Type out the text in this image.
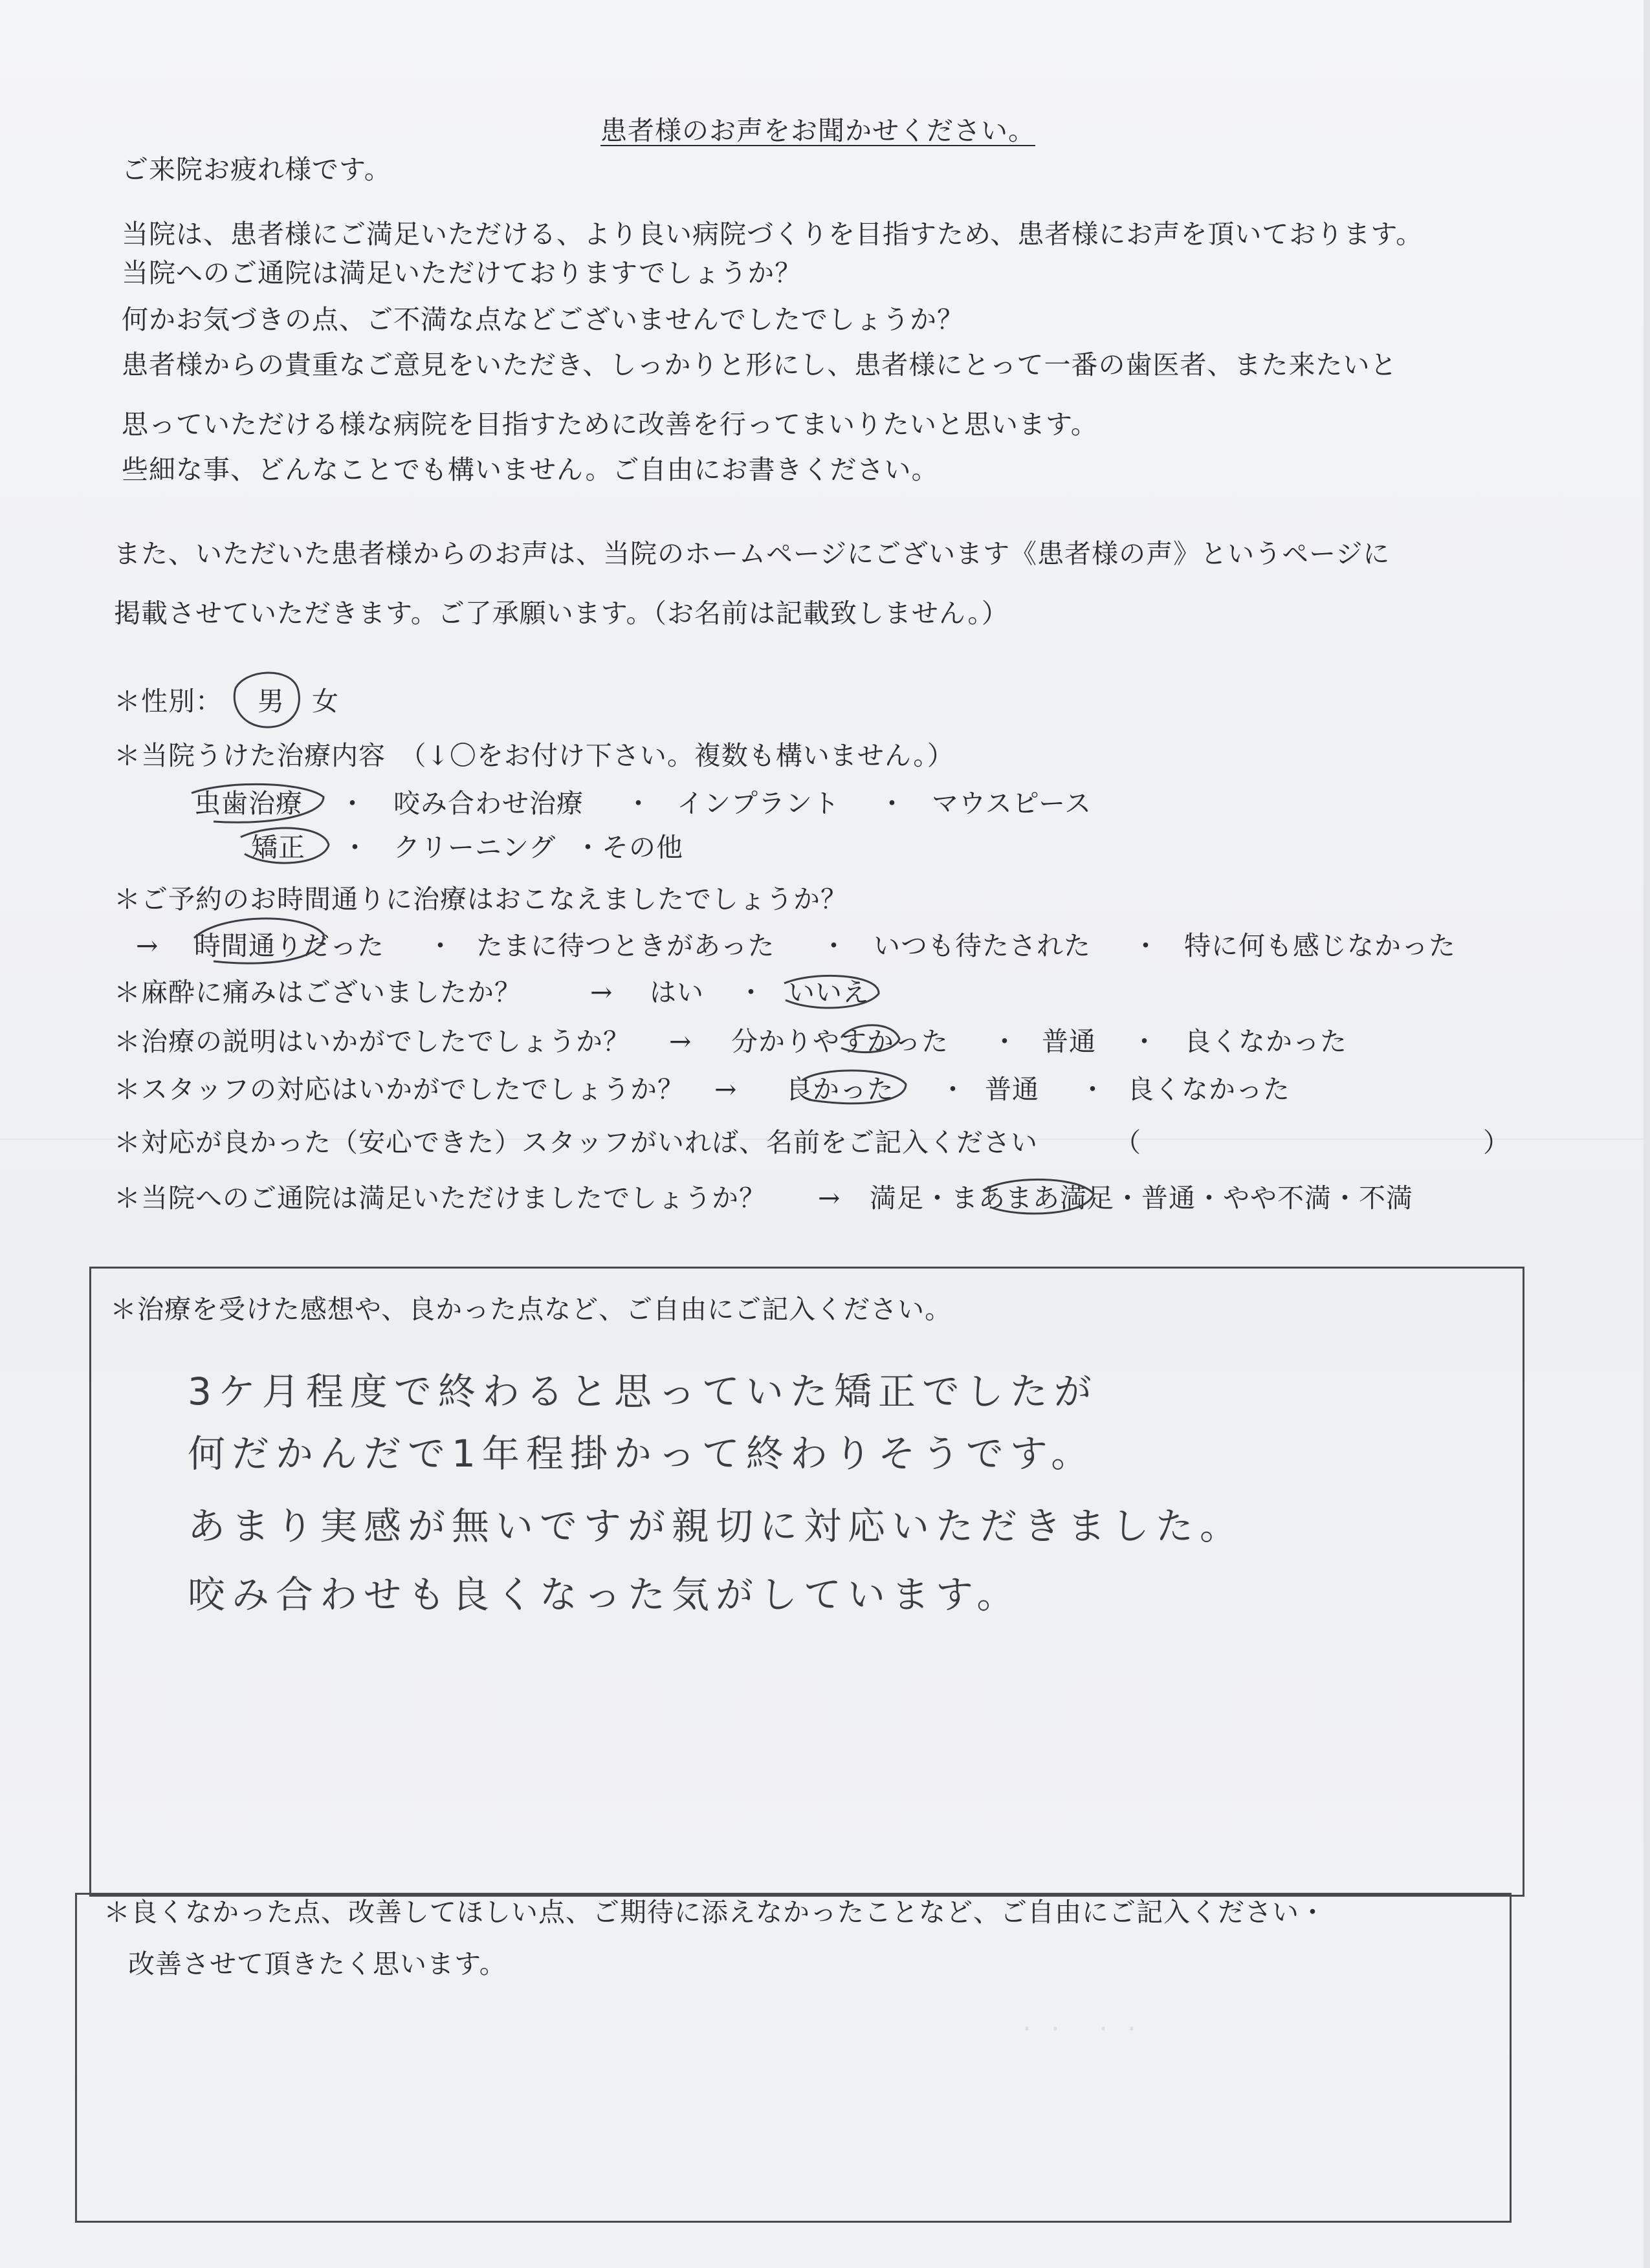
患者様のお声をお聞かせください。
ご来院お疲れ様です。
当院は、患者様にご満足いただける、より良い病院づくりを目指すため、患者様にお声を頂いております。
当院へのご通院は満足いただけておりますでしょうか？
何かお気づきの点、ご不満な点などございませんでしたでしょうか？
患者様からの貴重なご意見をいただき、しっかりと形にし、患者様にとって一番の歯医者、また来たいと
思っていただける様な病院を目指すために改善を行ってまいりたいと思います。
些細な事、どんなことでも構いません。ご自由にお書きください。
また、いただいた患者様からのお声は、当院のホームページにございます《患者様の声》というページに
掲載させていただきます。ご了承願います。（お名前は記載致しません。）
＊性別： 男 女
＊当院うけた治療内容　（↓〇をお付け下さい。複数も構いません。）
虫歯治療 ・ 咬み合わせ治療 ・ インプラント ・ マウスピース
矯正 ・ クリーニング ・その他
＊ご予約のお時間通りに治療はおこなえましたでしょうか？
→ 時間通りだった ・ たまに待つときがあった ・ いつも待たされた ・ 特に何も感じなかった
＊麻酔に痛みはございましたか？	→ はい ・ いいえ
＊治療の説明はいかがでしたでしょうか？ → 分かりやすかった ・ 普通 ・ 良くなかった
＊スタッフの対応はいかがでしたでしょうか？ → 良かった ・ 普通 ・ 良くなかった
＊対応が良かった（安心できた）スタッフがいれば、名前をご記入ください	（	）
＊当院へのご通院は満足いただけましたでしょうか？ → 満足・まあまあ満足・普通・やや不満・不満
＊治療を受けた感想や、良かった点など、ご自由にご記入ください。
3ケ月程度で終わると思っていた矯正でしたが
何だかんだで1年程掛かって終わりそうです。
あまり実感が無いですが親切に対応いただきました。
咬み合わせも良くなった気がしています。
＊良くなかった点、改善してほしい点、ご期待に添えなかったことなど、ご自由にご記入ください・
改善させて頂きたく思います。
· ·　· ·
